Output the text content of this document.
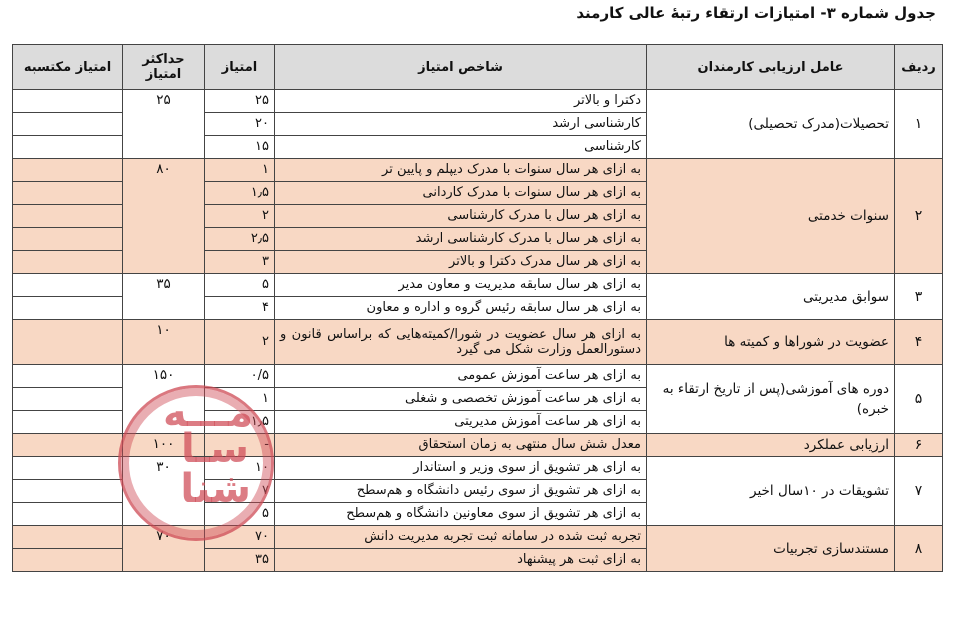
جدول شماره ۳- امتیازات ارتقاء رتبۀ عالی کارمند
ردیف	عامل ارزیابی کارمندان	شاخص امتیاز	امتیاز	حداکثر امتیاز	امتیاز مکتسبه
۱	تحصیلات(مدرک تحصیلی)	دکترا و بالاتر	۲۵	۲۵	
		کارشناسی ارشد	۲۰		
		کارشناسی	۱۵		
۲	سنوات خدمتی	به ازای هر سال سنوات با مدرک دیپلم و پایین تر	۱	۸۰	
		به ازای هر سال سنوات با مدرک کاردانی	۱٫۵		
		به ازای هر سال با مدرک کارشناسی	۲		
		به ازای هر سال با مدرک کارشناسی ارشد	۲٫۵		
		به ازای هر سال مدرک دکترا و بالاتر	۳		
۳	سوابق مدیریتی	به ازای هر سال سابقه مدیریت و معاون مدیر	۵	۳۵	
		به ازای هر سال سابقه رئیس گروه و اداره و معاون	۴		
۴	عضویت در شوراها و کمیته ها	به ازای هر سال عضویت در شورا/کمیته‌هایی که براساس قانون و دستورالعمل وزارت شکل می گیرد	۲	۱۰	
۵	دوره های آموزشی(پس از تاریخ ارتقاء به خبره)	به ازای هر ساعت آموزش عمومی	۰/۵	۱۵۰	
		به ازای هر ساعت آموزش تخصصی و شغلی	۱		
		به ازای هر ساعت آموزش مدیریتی	۱٫۵		
۶	ارزیابی عملکرد	معدل شش سال منتهی به زمان استحقاق	-	۱۰۰	
۷	تشویقات در ۱۰سال اخیر	به ازای هر تشویق از سوی وزیر و استاندار	۱۰	۳۰	
		به ازای هر تشویق از سوی رئیس دانشگاه و هم‌سطح	۷		
		به ازای هر تشویق از سوی معاونین دانشگاه و هم‌سطح	۵		
۸	مستندسازی تجربیات	تجربه ثبت شده در سامانه ثبت تجربه مدیریت دانش	۷۰	۷۰	
		به ازای ثبت هر پیشنهاد	۳۵		
مـــه
سـا
شنا
